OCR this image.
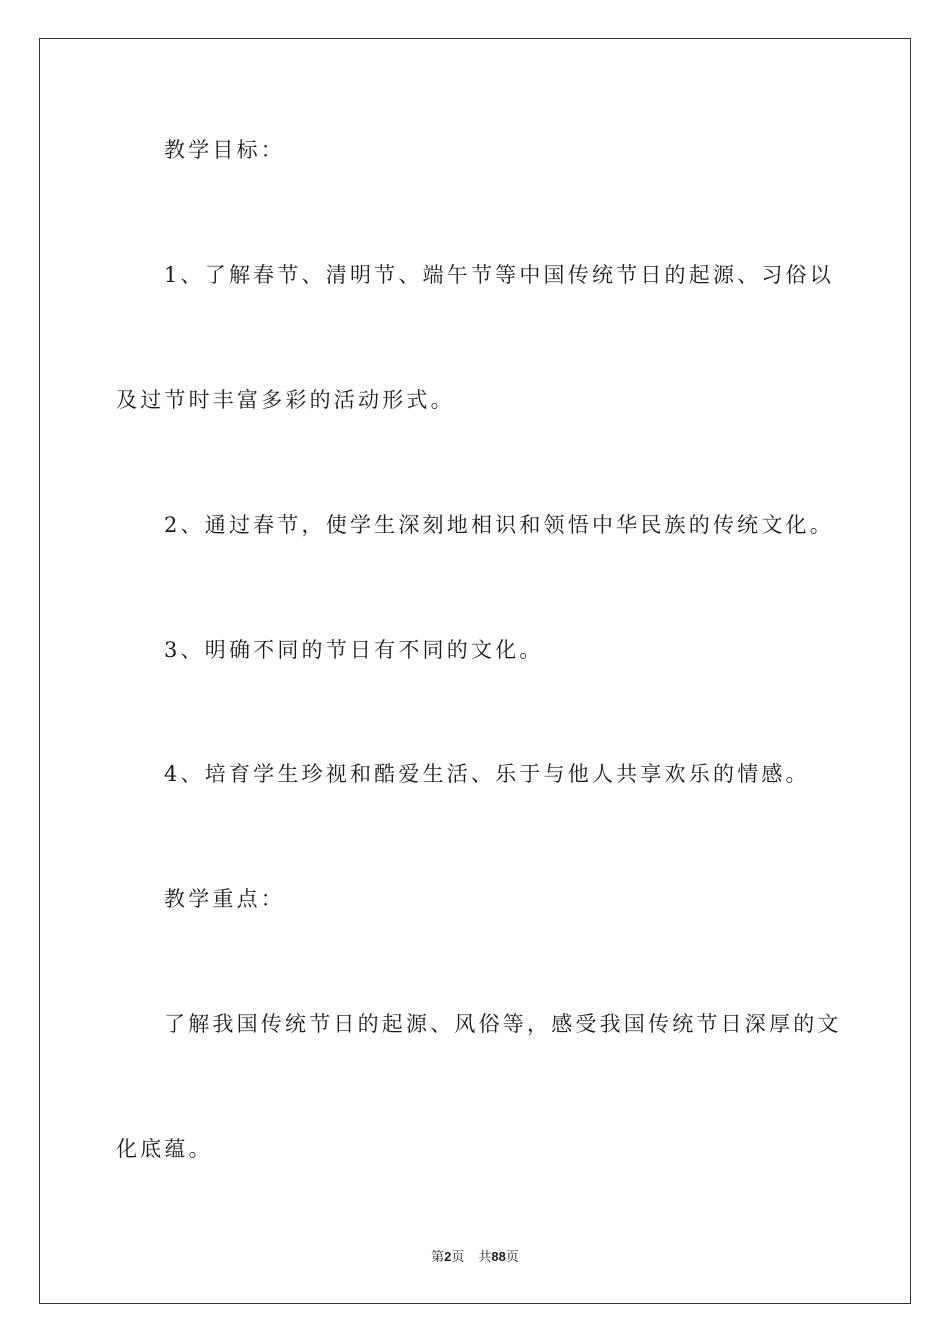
教学目标：

1、了解春节、清明节、端午节等中国传统节日的起源、习俗以

及过节时丰富多彩的活动形式。

2、通过春节，使学生深刻地相识和领悟中华民族的传统文化。

3、明确不同的节日有不同的文化。

4、培育学生珍视和酷爱生活、乐于与他人共享欢乐的情感。

教学重点：

了解我国传统节日的起源、风俗等，感受我国传统节日深厚的文

化底蕴。

第2页 共88页
